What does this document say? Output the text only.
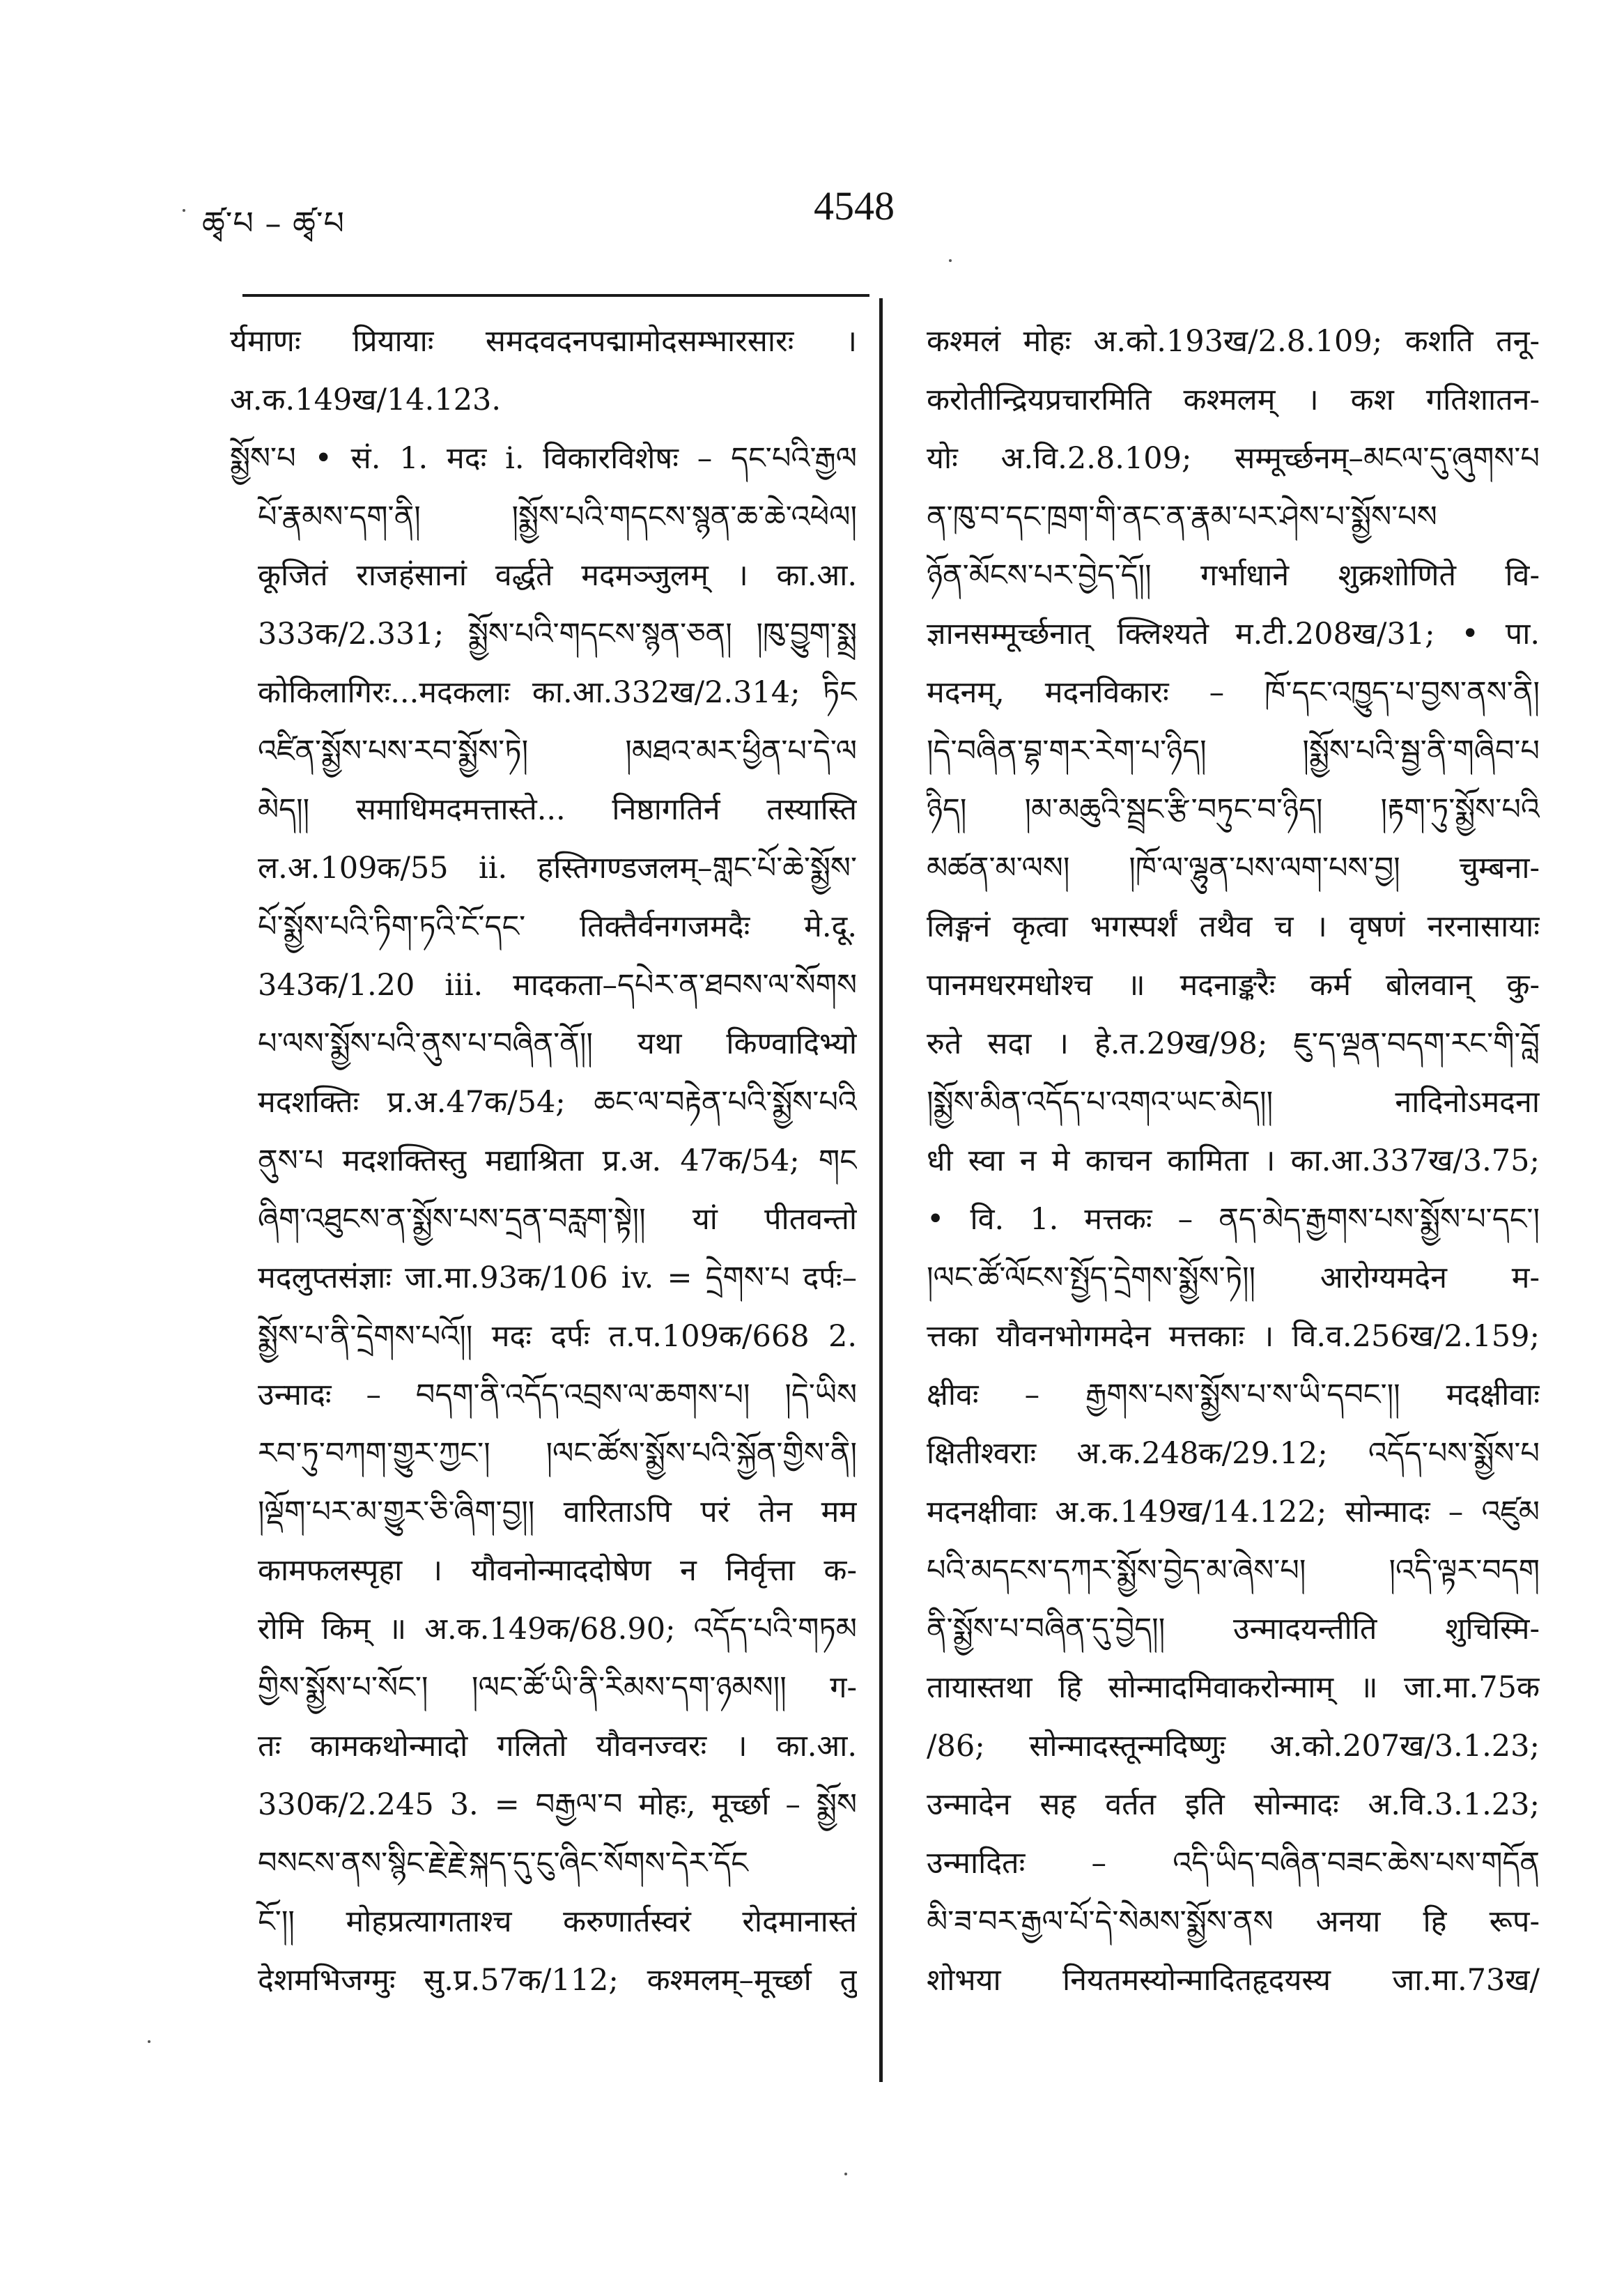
ཚྭ་པ – ཚྭ་པ	4548
र्यमाणः प्रियायाः समदवदनपद्मामोदसम्भारसारः ।
अ.क.149ख/14.123.
སྨྱོས་པ • सं. 1. मदः i. विकारविशेषः – དང་པའི་རྒྱལ
པོ་རྣམས་དག་ནི། །སྨྱོས་པའི་གདངས་སྙན་ཆ་ཆེ་འཕེལ།
कूजितं राजहंसानां वर्द्धते मदमञ्जुलम् । का.आ.
333क/2.331; སྨྱོས་པའི་གདངས་སྙན་ཅན། །ཁུ་བྱུག་སྨྲ
कोकिलागिरः...मदकलाः का.आ.332ख/2.314; ཏིང
འཛིན་སྨྱོས་པས་རབ་སྨྱོས་ཏེ། །མཐའ་མར་ཕྱིན་པ་དེ་ལ
མེད།། समाधिमदमत्तास्ते... निष्ठागतिर्न तस्यास्ति
ल.अ.109क/55 ii. हस्तिगण्डजलम्–གླང་པོ་ཆེ་སྨྱོས་
པོ་སྨྱོས་པའི་ཏིག་ཏའི་ངོ་དང་ तिक्तैर्वनगजमदैः मे.दू.
343क/1.20 iii. मादकता–དཔེར་ན་ཐབས་ལ་སོགས
པ་ལས་སྨྱོས་པའི་ནུས་པ་བཞིན་ནོ།། यथा किण्वादिभ्यो
मदशक्तिः प्र.अ.47क/54; ཆང་ལ་བརྟེན་པའི་སྨྱོས་པའི
ནུས་པ मदशक्तिस्तु मद्याश्रिता प्र.अ. 47क/54; གང
ཞིག་འཐུངས་ན་སྨྱོས་པས་དྲན་བརླག་སྟེ།། यां पीतवन्तो
मदलुप्तसंज्ञाः जा.मा.93क/106 iv. = དྲེགས་པ दर्पः–
སྨྱོས་པ་ནི་དྲེགས་པའོ།། मदः दर्पः त.प.109क/668 2.
उन्मादः – བདག་ནི་འདོད་འབྲས་ལ་ཆགས་པ། །དེ་ཡིས
རབ་ཏུ་བཀག་གྱུར་ཀྱང་། །ལང་ཚོས་སྨྱོས་པའི་སྐྱོན་གྱིས་ནི།
།ལྡོག་པར་མ་གྱུར་ཅི་ཞིག་བྱ།། वारिताऽपि परं तेन मम
कामफलस्पृहा । यौवनोन्माददोषेण न निर्वृत्ता क-
रोमि किम् ॥ अ.क.149क/68.90; འདོད་པའི་གཏམ
གྱིས་སྨྱོས་པ་སོང་། །ལང་ཚོ་ཡི་ནི་རིམས་དག་ཉམས།། ग-
तः कामकथोन्मादो गलितो यौवनज्वरः । का.आ.
330क/2.245 3. = བརྒྱལ་བ मोहः, मूर्च्छा – སྨྱོས
བསངས་ནས་སྙིང་རྗེ་རྗེ་སྐད་དུ་ངུ་ཞིང་སོགས་དེར་དོང
ངོ་།། मोहप्रत्यागताश्च करुणार्तस्वरं रोदमानास्तं
देशमभिजग्मुः सु.प्र.57क/112; कश्मलम्–मूर्च्छा तु
कश्मलं मोहः अ.को.193ख/2.8.109; कशति तनू-
करोतीन्द्रियप्रचारमिति कश्मलम् । कश गतिशातन-
योः अ.वि.2.8.109; सम्मूर्च्छनम्–མངལ་དུ་ཞུགས་པ
ན་ཁུ་བ་དང་ཁྲག་གི་ནང་ན་རྣམ་པར་ཤེས་པ་སྨྱོས་པས
ཉོན་མོངས་པར་བྱེད་དོ།། गर्भाधाने शुक्रशोणिते वि-
ज्ञानसम्मूर्च्छनात् क्लिश्यते म.टी.208ख/31; • पा.
मदनम्, मदनविकारः – ཁོ་དང་འཁྱུད་པ་བྱས་ནས་ནི།
།དེ་བཞིན་བྷ་གར་རེག་པ་ཉིད། །སྨྱོས་པའི་སྦྱ་ནི་གཞིབ་པ
ཉིད། །མ་མཆུའི་སྦྲང་རྩི་བཏུང་བ་ཉིད། །རྟག་ཏུ་སྨྱོས་པའི
མཚན་མ་ལས། །ཁོ་ལ་ལྷུན་པས་ལག་པས་བྱ། चुम्बना-
लिङ्गनं कृत्वा भगस्पर्शं तथैव च । वृषणं नरनासायाः
पानमधरमधोश्च ॥ मदनाङ्करैः कर्म बोलवान् कु-
रुते सदा । हे.त.29ख/98; ཇུ་ད་ལྡན་བདག་རང་གི་བློ
།སྨྱོས་མིན་འདོད་པ་འགའ་ཡང་མེད།། नादिनोऽमदना
धी स्वा न मे काचन कामिता । का.आ.337ख/3.75;
• वि. 1. मत्तकः – ནད་མེད་རྒྱགས་པས་སྨྱོས་པ་དང་།
།ལང་ཚོ་ལོངས་སྤྱོད་དྲེགས་སྨྱོས་ཏེ།། आरोग्यमदेन म-
त्तका यौवनभोगमदेन मत्तकाः । वि.व.256ख/2.159;
क्षीवः – རྒྱགས་པས་སྨྱོས་པ་ས་ཡི་དབང་།། मदक्षीवाः
क्षितीश्वराः अ.क.248क/29.12; འདོད་པས་སྨྱོས་པ
मदनक्षीवाः अ.क.149ख/14.122; सोन्मादः – འཛུམ
པའི་མདངས་དཀར་སྨྱོས་བྱེད་མ་ཞེས་པ། །འདི་ལྟར་བདག
ནི་སྨྱོས་པ་བཞིན་དུ་བྱེད།། उन्मादयन्तीति शुचिस्मि-
तायास्तथा हि सोन्मादमिवाकरोन्माम् ॥ जा.मा.75क
/86; सोन्मादस्तून्मदिष्णुः अ.को.207ख/3.1.23;
उन्मादेन सह वर्तत इति सोन्मादः अ.वि.3.1.23;
उन्मादितः – འདི་ཡིད་བཞིན་བཟང་ཆེས་པས་གདོན
མི་ཟ་བར་རྒྱལ་པོ་དེ་སེམས་སྨྱོས་ནས अनया हि रूप-
शोभया नियतमस्योन्मादितहृदयस्य जा.मा.73ख/
